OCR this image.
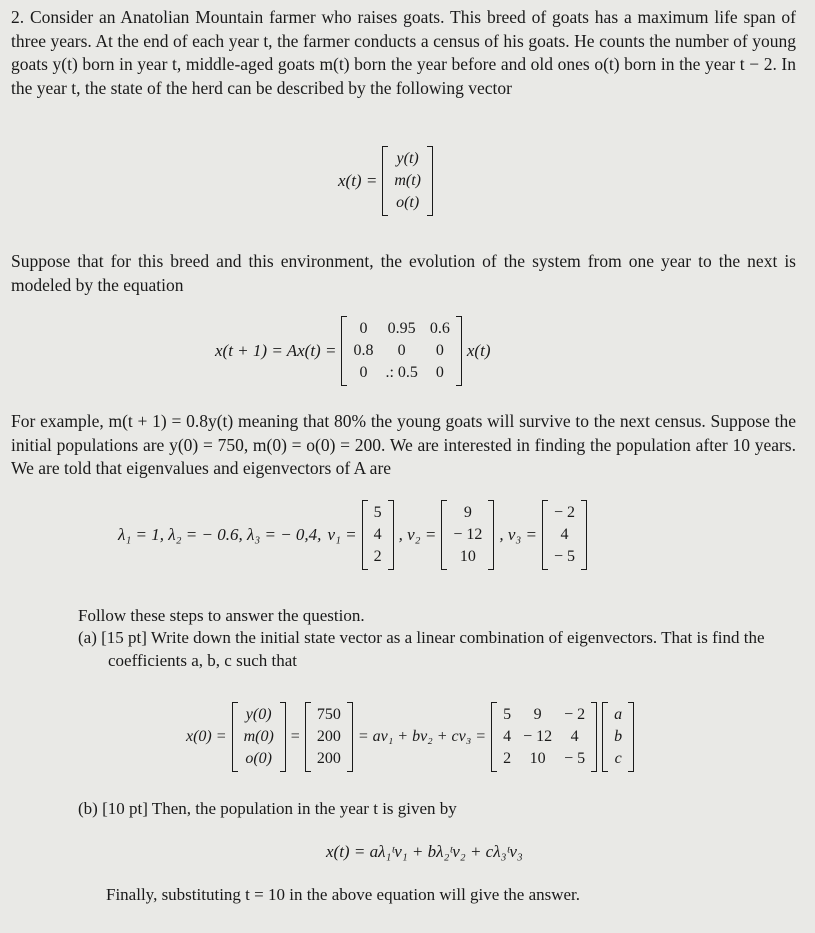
2. Consider an Anatolian Mountain farmer who raises goats. This breed of goats has a maximum life span of three years. At the end of each year t, the farmer conducts a census of his goats. He counts the number of young goats y(t) born in year t, middle-aged goats m(t) born the year before and old ones o(t) born in the year t − 2. In the year t, the state of the herd can be described by the following vector

x(t) =
y(t)
m(t)
o(t)

Suppose that for this breed and this environment, the evolution of the system from one year to the next is modeled by the equation

x(t + 1) = Ax(t) =
0	0.95	0.6
0.8	0	0
0	.: 0.5	0
x(t)

For example, m(t + 1) = 0.8y(t) meaning that 80% the young goats will survive to the next census. Suppose the initial populations are y(0) = 750, m(0) = o(0) = 200. We are interested in finding the population after 10 years. We are told that eigenvalues and eigenvectors of A are

λ₁ = 1, λ₂ = − 0.6, λ₃ = − 0,4, v₁ =
5
4
2
, v₂ =
9
− 12
10
, v₃ =
− 2
4
− 5

Follow these steps to answer the question.

(a) [15 pt] Write down the initial state vector as a linear combination of eigenvectors. That is find the coefficients a, b, c such that

x(0) =
y(0)
m(0)
o(0)
=
750
200
200
= av₁ + bv₂ + cv₃ =
5	9	− 2
4	− 12	4
2	10	− 5
a
b
c

(b) [10 pt] Then, the population in the year t is given by

x(t) = aλ₁ᵗv₁ + bλ₂ᵗv₂ + cλ₃ᵗv₃

Finally, substituting t = 10 in the above equation will give the answer.
